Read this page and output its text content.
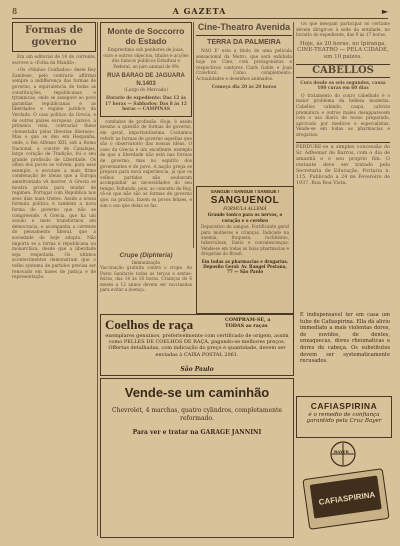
8	A GAZETA	►
Formas de governo

Em um editorial de 19 do corrente, escreve a «Folha da Manhã»:

«Os «Ninhos Confiados» deste Rey Zambeze, pelo contrario affirmei sempre a indifferença das formas de governo, a equivalencia de todas as constituições, republicanas e tyrannicas, onde se assegure ao povo garantias republicanas e as liberdades e regime juridico da Verdade. O caso politico da Grecia, e de outros paizes europeus, parece, á primeira vista, contrariar these «honestada pelas theorias liberaes». Mas o que se deu em Hespanha, onde, o Rei Alfonso XIII, sob a Roma Nacional, a convite de Canalejas, largo coração de Tradição, foi o seu grande profissão de Liberdade. Os olhos dos povos se volvem, para esse exemplo, e escutam a mais firme condenação de ideias que a Europa amedrontada vê morrer. A Grecia se mostra pronta para mudar de regimen. Portugal com Republica nos seus dias mais tristes. Assim a nossa formula politica é também a nova forma de governo que não se compreende. A Grecia, que ha um seculo e meio transformou em democracia, e acompanha a corrente do pensamento liberal, que a sociedade de hoje adopta. Não importa se a forma é republicana ou monarchica, desde que a liberdade seja respeitada. Os ultimos acontecimentos demonstram que o velho systema de partidos precisa ser renovado em bases de justiça e de representação.

Monte de Soccorro do Estado
Emprestimo sob penhores de joias, ouro e outros objectos, titulos e acções dos bancos publicos Estadual e Federal, ao juro annual de 9%
RUA BARAO DE JAGUARA N.1403
(Largo do Mercado)
Horario de expediente: Das 12 ás 17 horas — Sabbados: Das 8 ás 12 horas — CAMPINAS

combates de profissão. Hoje, é assim mesmo a questão de formas de governo, em geral, importantissima. Contamos referir as formas de governo aquellas que são o observatorio das nossas idéas. O caso da Grecia é um excellente exemplo de que a liberdade não está nas formas de governo, mas no espirito dos governantes e do povo. A nação grega se prepara para nova experiencia, ja que os velhos partidos não souberam acompanhar as necessidades do seu tempo. Voltando, pois, ao conceito de Ruy, vê-se que não são as formas de governo que, na pratica, fazem os povos felizes, e sim o uso que delas se faz.

Cine-Theatro Avenida
TERRA DA PALMEIRA

NAO E' esta a titulo de uma pelicula sensacional da Metro, que será exhibida hoje no Cine, com protagonistas e respectivos cantores Clark Gable e Joan Crawford. Como complemento: Actualidades e desenhos animados.

Começa dia 20 às 20 horas

Os que desejam participar do certame devem dirigir-se à sede da entidade, no horario de expediente, das 9 ás 17 horas.

Hoje, ás 20 horas, no Ipiranga, CINE-TEATRO — PELA CIDADE, em 10 paizes.
CABELLOS
Cura desde os seis segundos, causa 100 curas em 60 dias

O tratamento do couro cabelludo é o maior problema da belleza moderna. Cabellos cahindo, caspa, calvicie prematura e outros males desapparecem com o uso diario de nosso preparado, aprovado por medicos e especialistas. Vende-se em todas as pharmacias e drogarias.

PERDURE-se a simples concessão do Sr. Adhemar de Barros, com o dia de amanhã e o seu proprio fim. O restante deve ser tratado pela Secretaria de Educação, Portaria n. 115. Publicado a 24 de Fevereiro de 1937. Rua Boa Vista.
SANGUE ! SANGUE ! SANGUE !
SANGUENOL
FORMULA ALLEMÃ
Grande tonico para os nervos, o coração e o cerebro
Depurativo do sangue. Fortificante geral para mulheres e crianças. Indicado na anemia, fraqueza, rachitismo, tuberculose, fastio e convalescenças. Vende-se em todas as boas pharmacias e drogarias do Brasil.
Em todas as pharmacias e drogarias. Deposito Geral: Av. Rangel Pestana, 77 — São Paulo
Crupe (Diphteria)
Immunização
Vaccinação gratuita contra o crupe. Ao Posto Sanitario todas as terças e sextas-feiras, das 14 ás 16 horas. Crianças de 6 mezes a 12 annos devem ser vaccinadas para evitar a doença.
É indispensavel ter em casa um tubo de Cafiaspirina. Ella dá alivio immediato a mais violentas dores, de ouvidos, de dentes, enxaquecas, dores rheumaticas e dores de cabeça. Os substitutos devem ser systematicamente recusados.
Coelhos de raça	COMPRAM-SE, a TODAS as raças
exemplares genuinos, preferivelmente com certificado de origem, assim como PELLES DE COELHOS DE RAÇA, pagando-se melhores preços. Offertas detalhadas, com indicação do preço e quantidade, devem ser enviadas à CAIXA POSTAL 2061.
São Paulo
CAFIASPIRINA
é o remedio de confiança
garantido pela Cruz Bayer
BAYER
CAFIASPIRINA
Vende-se um caminhão
Chevrolet, 4 marchas, quatro cylindros, completamente reformado.
Para ver e tratar na GARAGE JANNINI
